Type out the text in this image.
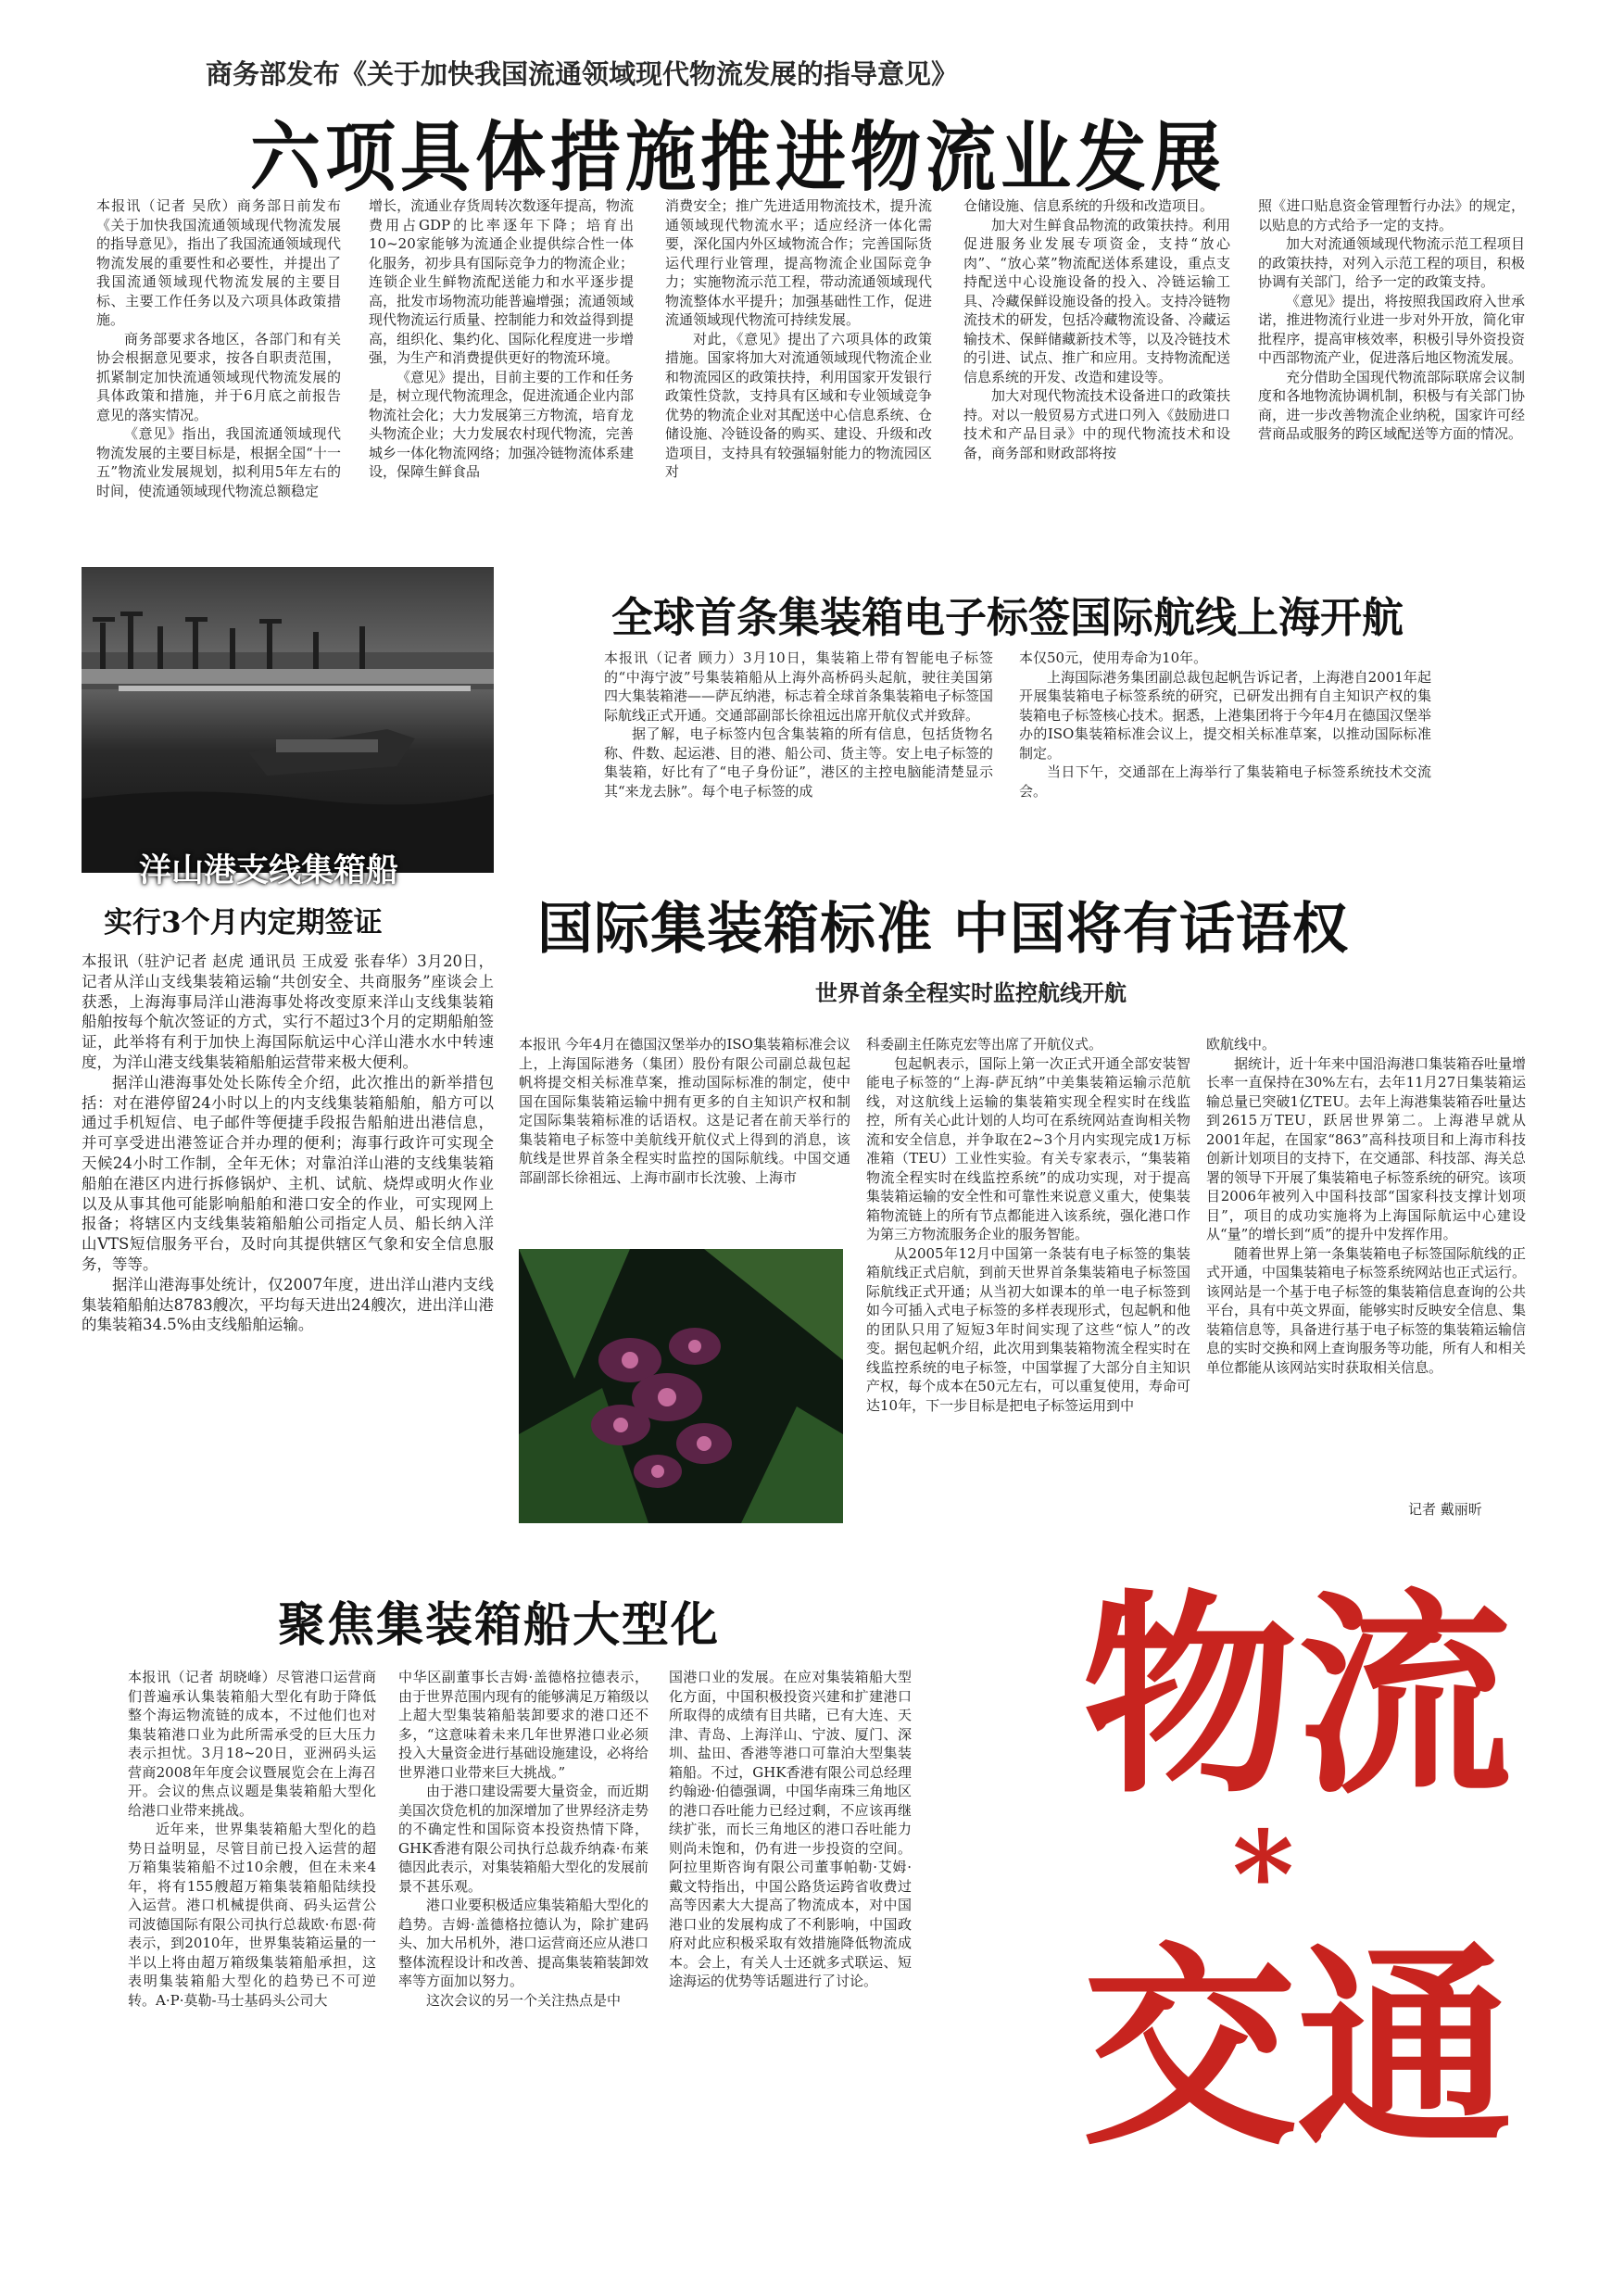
商务部发布《关于加快我国流通领域现代物流发展的指导意见》
六项具体措施推进物流业发展

本报讯（记者 吴欣）商务部日前发布《关于加快我国流通领域现代物流发展的指导意见》，指出了我国流通领域现代物流发展的重要性和必要性，并提出了我国流通领域现代物流发展的主要目标、主要工作任务以及六项具体政策措施。

商务部要求各地区，各部门和有关协会根据意见要求，按各自职责范围，抓紧制定加快流通领域现代物流发展的具体政策和措施，并于6月底之前报告意见的落实情况。

《意见》指出，我国流通领域现代物流发展的主要目标是，根据全国“十一五”物流业发展规划，拟利用5年左右的时间，使流通领域现代物流总额稳定

增长，流通业存货周转次数逐年提高，物流费用占GDP的比率逐年下降；培育出10~20家能够为流通企业提供综合性一体化服务，初步具有国际竞争力的物流企业；连锁企业生鲜物流配送能力和水平逐步提高，批发市场物流功能普遍增强；流通领域现代物流运行质量、控制能力和效益得到提高，组织化、集约化、国际化程度进一步增强，为生产和消费提供更好的物流环境。

《意见》提出，目前主要的工作和任务是，树立现代物流理念，促进流通企业内部物流社会化；大力发展第三方物流，培育龙头物流企业；大力发展农村现代物流，完善城乡一体化物流网络；加强冷链物流体系建设，保障生鲜食品

消费安全；推广先进适用物流技术，提升流通领域现代物流水平；适应经济一体化需要，深化国内外区域物流合作；完善国际货运代理行业管理，提高物流企业国际竞争力；实施物流示范工程，带动流通领域现代物流整体水平提升；加强基础性工作，促进流通领域现代物流可持续发展。

对此，《意见》提出了六项具体的政策措施。国家将加大对流通领域现代物流企业和物流园区的政策扶持，利用国家开发银行政策性贷款，支持具有区域和专业领域竞争优势的物流企业对其配送中心信息系统、仓储设施、冷链设备的购买、建设、升级和改造项目，支持具有较强辐射能力的物流园区对

仓储设施、信息系统的升级和改造项目。

加大对生鲜食品物流的政策扶持。利用促进服务业发展专项资金，支持“放心肉”、“放心菜”物流配送体系建设，重点支持配送中心设施设备的投入、冷链运输工具、冷藏保鲜设施设备的投入。支持冷链物流技术的研发，包括冷藏物流设备、冷藏运输技术、保鲜储藏新技术等，以及冷链技术的引进、试点、推广和应用。支持物流配送信息系统的开发、改造和建设等。

加大对现代物流技术设备进口的政策扶持。对以一般贸易方式进口列入《鼓励进口技术和产品目录》中的现代物流技术和设备，商务部和财政部将按

照《进口贴息资金管理暂行办法》的规定，以贴息的方式给予一定的支持。

加大对流通领域现代物流示范工程项目的政策扶持，对列入示范工程的项目，积极协调有关部门，给予一定的政策支持。

《意见》提出，将按照我国政府入世承诺，推进物流行业进一步对外开放，简化审批程序，提高审核效率，积极引导外资投资中西部物流产业，促进落后地区物流发展。

充分借助全国现代物流部际联席会议制度和各地物流协调机制，积极与有关部门协商，进一步改善物流企业纳税，国家许可经营商品或服务的跨区域配送等方面的情况。

洋山港支线集箱船
全球首条集装箱电子标签国际航线上海开航

本报讯（记者 顾力）3月10日，集装箱上带有智能电子标签的“中海宁波”号集装箱船从上海外高桥码头起航，驶往美国第四大集装箱港——萨瓦纳港，标志着全球首条集装箱电子标签国际航线正式开通。交通部副部长徐祖远出席开航仪式并致辞。

据了解，电子标签内包含集装箱的所有信息，包括货物名称、件数、起运港、目的港、船公司、货主等。安上电子标签的集装箱，好比有了“电子身份证”，港区的主控电脑能清楚显示其“来龙去脉”。每个电子标签的成

本仅50元，使用寿命为10年。

上海国际港务集团副总裁包起帆告诉记者，上海港自2001年起开展集装箱电子标签系统的研究，已研发出拥有自主知识产权的集装箱电子标签核心技术。据悉，上港集团将于今年4月在德国汉堡举办的ISO集装箱标准会议上，提交相关标准草案，以推动国际标准制定。

当日下午，交通部在上海举行了集装箱电子标签系统技术交流会。

实行3个月内定期签证

本报讯（驻沪记者 赵虎 通讯员 王成爱 张春华）3月20日，记者从洋山支线集装箱运输“共创安全、共商服务”座谈会上获悉，上海海事局洋山港海事处将改变原来洋山支线集装箱船舶按每个航次签证的方式，实行不超过3个月的定期船舶签证，此举将有利于加快上海国际航运中心洋山港水水中转速度，为洋山港支线集装箱船舶运营带来极大便利。

据洋山港海事处处长陈传全介绍，此次推出的新举措包括：对在港停留24小时以上的内支线集装箱船舶，船方可以通过手机短信、电子邮件等便捷手段报告船舶进出港信息，并可享受进出港签证合并办理的便利；海事行政许可实现全天候24小时工作制，全年无休；对靠泊洋山港的支线集装箱船舶在港区内进行拆修锅炉、主机、试航、烧焊或明火作业以及从事其他可能影响船舶和港口安全的作业，可实现网上报备；将辖区内支线集装箱船舶公司指定人员、船长纳入洋山VTS短信服务平台，及时向其提供辖区气象和安全信息服务，等等。

据洋山港海事处统计，仅2007年度，进出洋山港内支线集装箱船舶达8783艘次，平均每天进出24艘次，进出洋山港的集装箱34.5%由支线船舶运输。

国际集装箱标准 中国将有话语权
世界首条全程实时监控航线开航

本报讯 今年4月在德国汉堡举办的ISO集装箱标准会议上，上海国际港务（集团）股份有限公司副总裁包起帆将提交相关标准草案，推动国际标准的制定，使中国在国际集装箱运输中拥有更多的自主知识产权和制定国际集装箱标准的话语权。这是记者在前天举行的集装箱电子标签中美航线开航仪式上得到的消息，该航线是世界首条全程实时监控的国际航线。中国交通部副部长徐祖远、上海市副市长沈骏、上海市

科委副主任陈克宏等出席了开航仪式。

包起帆表示，国际上第一次正式开通全部安装智能电子标签的“上海-萨瓦纳”中美集装箱运输示范航线，对这航线上运输的集装箱实现全程实时在线监控，所有关心此计划的人均可在系统网站查询相关物流和安全信息，并争取在2~3个月内实现完成1万标准箱（TEU）工业性实验。有关专家表示，“集装箱物流全程实时在线监控系统”的成功实现，对于提高集装箱运输的安全性和可靠性来说意义重大，使集装箱物流链上的所有节点都能进入该系统，强化港口作为第三方物流服务企业的服务智能。

从2005年12月中国第一条装有电子标签的集装箱航线正式启航，到前天世界首条集装箱电子标签国际航线正式开通；从当初大如课本的单一电子标签到如今可插入式电子标签的多样表现形式，包起帆和他的团队只用了短短3年时间实现了这些“惊人”的改变。据包起帆介绍，此次用到集装箱物流全程实时在线监控系统的电子标签，中国掌握了大部分自主知识产权，每个成本在50元左右，可以重复使用，寿命可达10年，下一步目标是把电子标签运用到中

欧航线中。

据统计，近十年来中国沿海港口集装箱吞吐量增长率一直保持在30%左右，去年11月27日集装箱运输总量已突破1亿TEU。去年上海港集装箱吞吐量达到2615万TEU，跃居世界第二。上海港早就从2001年起，在国家“863”高科技项目和上海市科技创新计划项目的支持下，在交通部、科技部、海关总署的领导下开展了集装箱电子标签系统的研究。该项目2006年被列入中国科技部“国家科技支撑计划项目”，项目的成功实施将为上海国际航运中心建设从“量”的增长到“质”的提升中发挥作用。

随着世界上第一条集装箱电子标签国际航线的正式开通，中国集装箱电子标签系统网站也正式运行。该网站是一个基于电子标签的集装箱信息查询的公共平台，具有中英文界面，能够实时反映安全信息、集装箱信息等，具备进行基于电子标签的集装箱运输信息的实时交换和网上查询服务等功能，所有人和相关单位都能从该网站实时获取相关信息。

记者 戴丽昕
聚焦集装箱船大型化

本报讯（记者 胡晓峰）尽管港口运营商们普遍承认集装箱船大型化有助于降低整个海运物流链的成本，不过他们也对集装箱港口业为此所需承受的巨大压力表示担忧。3月18~20日，亚洲码头运营商2008年年度会议暨展览会在上海召开。会议的焦点议题是集装箱船大型化给港口业带来挑战。

近年来，世界集装箱船大型化的趋势日益明显，尽管目前已投入运营的超万箱集装箱船不过10余艘，但在未来4年，将有155艘超万箱集装箱船陆续投入运营。港口机械提供商、码头运营公司波德国际有限公司执行总裁欧·布恩·荷表示，到2010年，世界集装箱运量的一半以上将由超万箱级集装箱船承担，这表明集装箱船大型化的趋势已不可逆转。A·P·莫勒-马士基码头公司大

中华区副董事长吉姆·盖德格拉德表示，由于世界范围内现有的能够满足万箱级以上超大型集装箱船装卸要求的港口还不多，“这意味着未来几年世界港口业必须投入大量资金进行基础设施建设，必将给世界港口业带来巨大挑战。”

由于港口建设需要大量资金，而近期美国次贷危机的加深增加了世界经济走势的不确定性和国际资本投资热情下降，GHK香港有限公司执行总裁乔纳森·布莱德因此表示，对集装箱船大型化的发展前景不甚乐观。

港口业要积极适应集装箱船大型化的趋势。吉姆·盖德格拉德认为，除扩建码头、加大吊机外，港口运营商还应从港口整体流程设计和改善、提高集装箱装卸效率等方面加以努力。

这次会议的另一个关注热点是中

国港口业的发展。在应对集装箱船大型化方面，中国积极投资兴建和扩建港口所取得的成绩有目共睹，已有大连、天津、青岛、上海洋山、宁波、厦门、深圳、盐田、香港等港口可靠泊大型集装箱船。不过，GHK香港有限公司总经理约翰逊·伯德强调，中国华南珠三角地区的港口吞吐能力已经过剩，不应该再继续扩张，而长三角地区的港口吞吐能力则尚未饱和，仍有进一步投资的空间。阿拉里斯咨询有限公司董事帕勒·艾姆·戴文特指出，中国公路货运跨省收费过高等因素大大提高了物流成本，对中国港口业的发展构成了不利影响，中国政府对此应积极采取有效措施降低物流成本。会上，有关人士还就多式联运、短途海运的优势等话题进行了讨论。

物流
*
交通
